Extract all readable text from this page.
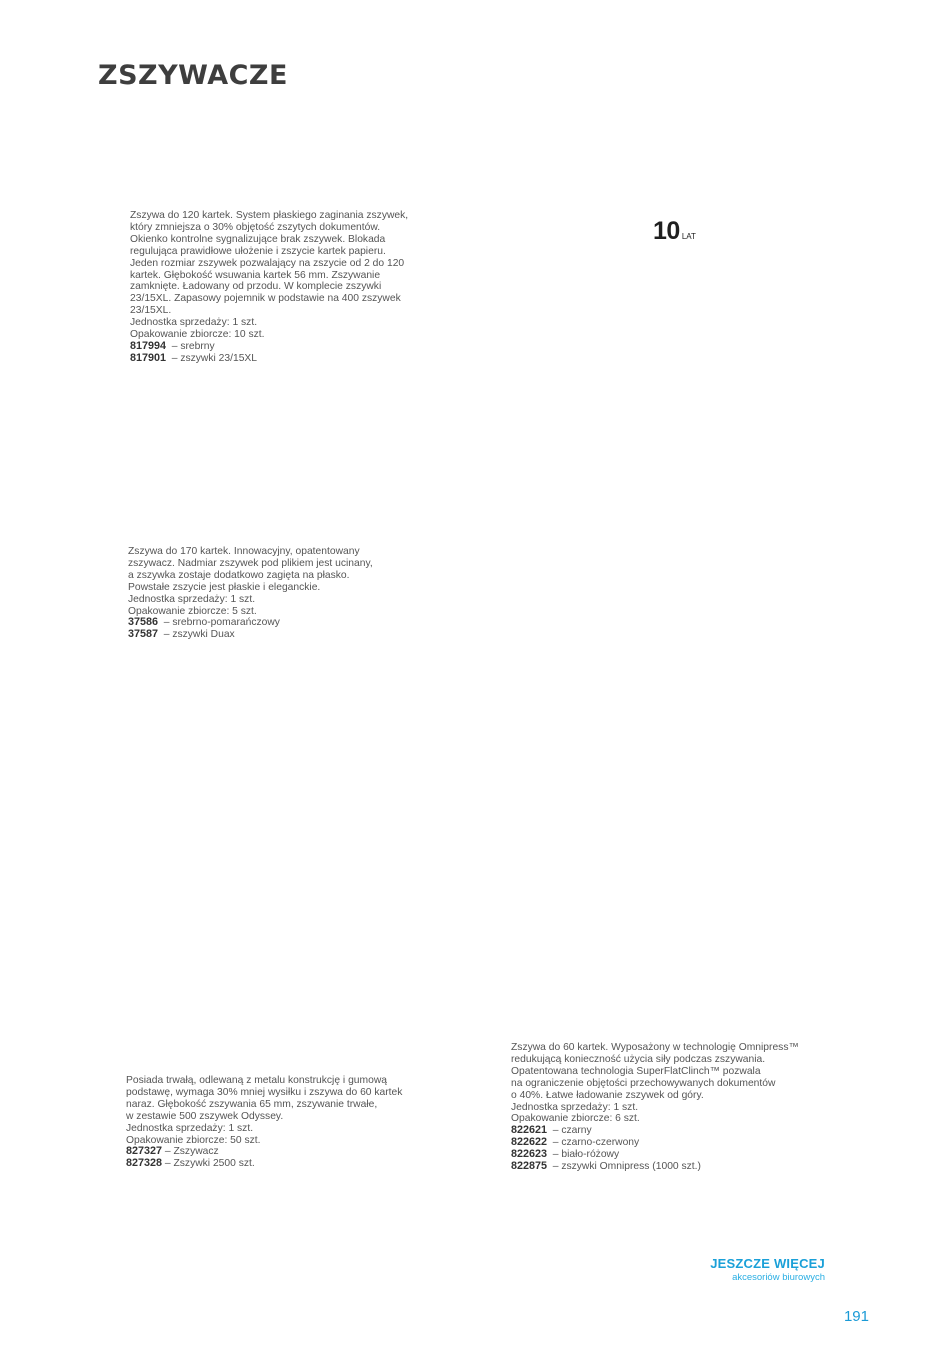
ZSZYWACZE
10 LAT
Zszywa do 120 kartek. System płaskiego zaginania zszywek,
który zmniejsza o 30% objętość zszytych dokumentów.
Okienko kontrolne sygnalizujące brak zszywek. Blokada
regulująca prawidłowe ułożenie i zszycie kartek papieru.
Jeden rozmiar zszywek pozwalający na zszycie od 2 do 120
kartek. Głębokość wsuwania kartek 56 mm. Zszywanie
zamknięte. Ładowany od przodu. W komplecie zszywki
23/15XL. Zapasowy pojemnik w podstawie na 400 zszywek
23/15XL.
Jednostka sprzedaży: 1 szt.
Opakowanie zbiorcze: 10 szt.
817994  – srebrny
817901  – zszywki 23/15XL
Zszywa do 170 kartek. Innowacyjny, opatentowany
zszywacz. Nadmiar zszywek pod plikiem jest ucinany,
a zszywka zostaje dodatkowo zagięta na płasko.
Powstałe zszycie jest płaskie i eleganckie.
Jednostka sprzedaży: 1 szt.
Opakowanie zbiorcze: 5 szt.
37586  – srebrno-pomarańczowy
37587  – zszywki Duax
Posiada trwałą, odlewaną z metalu konstrukcję i gumową
podstawę, wymaga 30% mniej wysiłku i zszywa do 60 kartek
naraz. Głębokość zszywania 65 mm, zszywanie trwałe,
w zestawie 500 zszywek Odyssey.
Jednostka sprzedaży: 1 szt.
Opakowanie zbiorcze: 50 szt.
827327 – Zszywacz
827328 – Zszywki 2500 szt.
Zszywa do 60 kartek. Wyposażony w technologię Omnipress™
redukującą konieczność użycia siły podczas zszywania.
Opatentowana technologia SuperFlatClinch™ pozwala
na ograniczenie objętości przechowywanych dokumentów
o 40%. Łatwe ładowanie zszywek od góry.
Jednostka sprzedaży: 1 szt.
Opakowanie zbiorcze: 6 szt.
822621  – czarny
822622  – czarno-czerwony
822623  – biało-różowy
822875  – zszywki Omnipress (1000 szt.)
JESZCZE WIĘCEJ
akcesoriów biurowych
191
